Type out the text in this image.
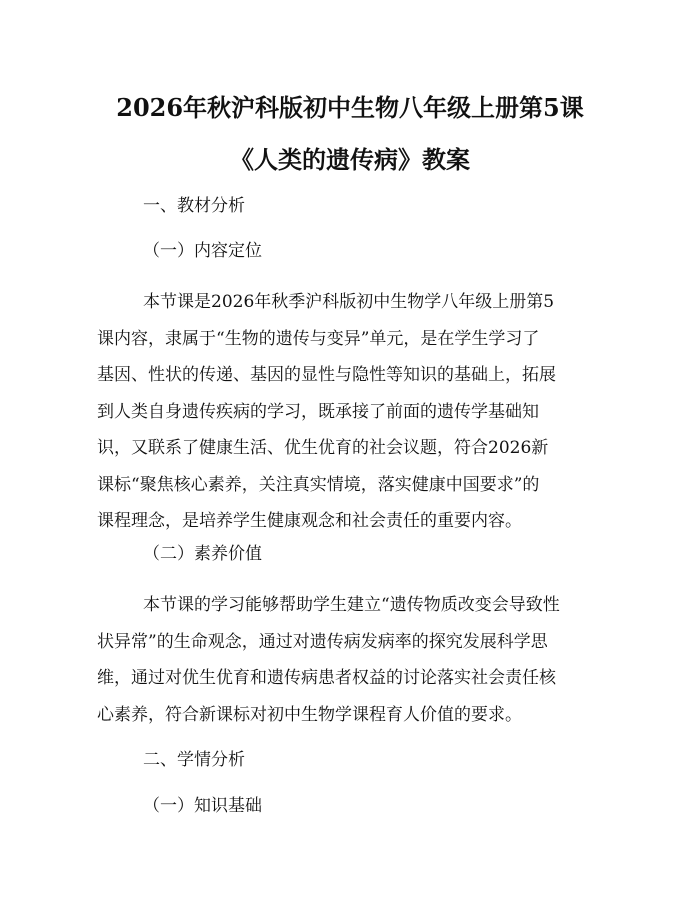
2026年秋沪科版初中生物八年级上册第5课
《人类的遗传病》教案
一、教材分析
（一）内容定位
本节课是2026年秋季沪科版初中生物学八年级上册第5
课内容，隶属于“生物的遗传与变异”单元，是在学生学习了
基因、性状的传递、基因的显性与隐性等知识的基础上，拓展
到人类自身遗传疾病的学习，既承接了前面的遗传学基础知
识，又联系了健康生活、优生优育的社会议题，符合2026新
课标“聚焦核心素养，关注真实情境，落实健康中国要求”的
课程理念，是培养学生健康观念和社会责任的重要内容。
（二）素养价值
本节课的学习能够帮助学生建立“遗传物质改变会导致性
状异常”的生命观念，通过对遗传病发病率的探究发展科学思
维，通过对优生优育和遗传病患者权益的讨论落实社会责任核
心素养，符合新课标对初中生物学课程育人价值的要求。
二、学情分析
（一）知识基础
